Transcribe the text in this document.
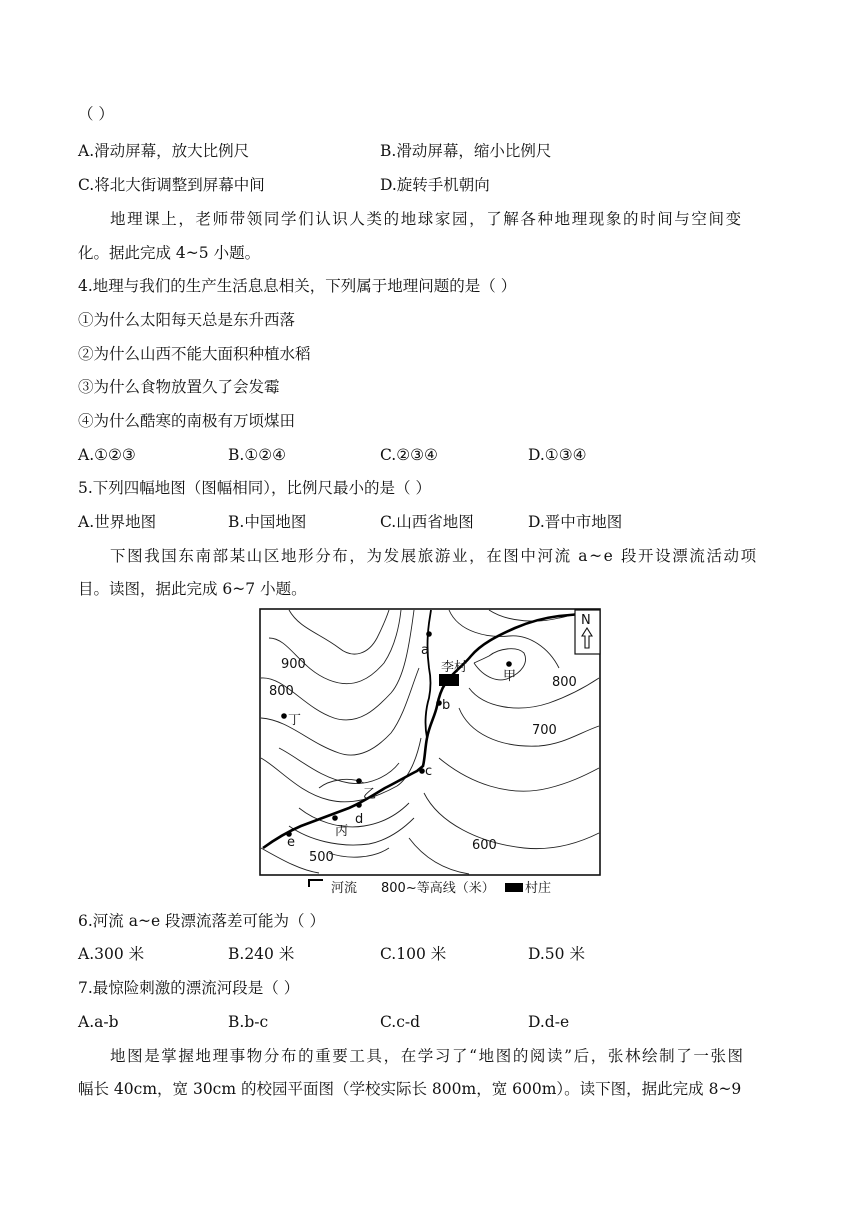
（ ）
A.滑动屏幕，放大比例尺	B.滑动屏幕，缩小比例尺
C.将北大街调整到屏幕中间	D.旋转手机朝向
地理课上，老师带领同学们认识人类的地球家园，了解各种地理现象的时间与空间变
化。据此完成 4~5 小题。
4.地理与我们的生产生活息息相关，下列属于地理问题的是（ ）
①为什么太阳每天总是东升西落
②为什么山西不能大面积种植水稻
③为什么食物放置久了会发霉
④为什么酷寒的南极有万顷煤田
A.①②③	B.①②④	C.②③④	D.①③④
5.下列四幅地图（图幅相同），比例尺最小的是（ ）
A.世界地图	B.中国地图	C.山西省地图	D.晋中市地图
下图我国东南部某山区地形分布，为发展旅游业，在图中河流 a~e 段开设漂流活动项
目。读图，据此完成 6~7 小题。
李村
a
b
c
d
e
甲
乙
丙
丁
900
800
800
700
600
500
N
河流 800~等高线（米） 村庄
6.河流 a~e 段漂流落差可能为（ ）
A.300 米	B.240 米	C.100 米	D.50 米
7.最惊险刺激的漂流河段是（ ）
A.a-b	B.b-c	C.c-d	D.d-e
地图是掌握地理事物分布的重要工具，在学习了“地图的阅读”后，张林绘制了一张图
幅长 40cm，宽 30cm 的校园平面图（学校实际长 800m，宽 600m）。读下图，据此完成 8~9
